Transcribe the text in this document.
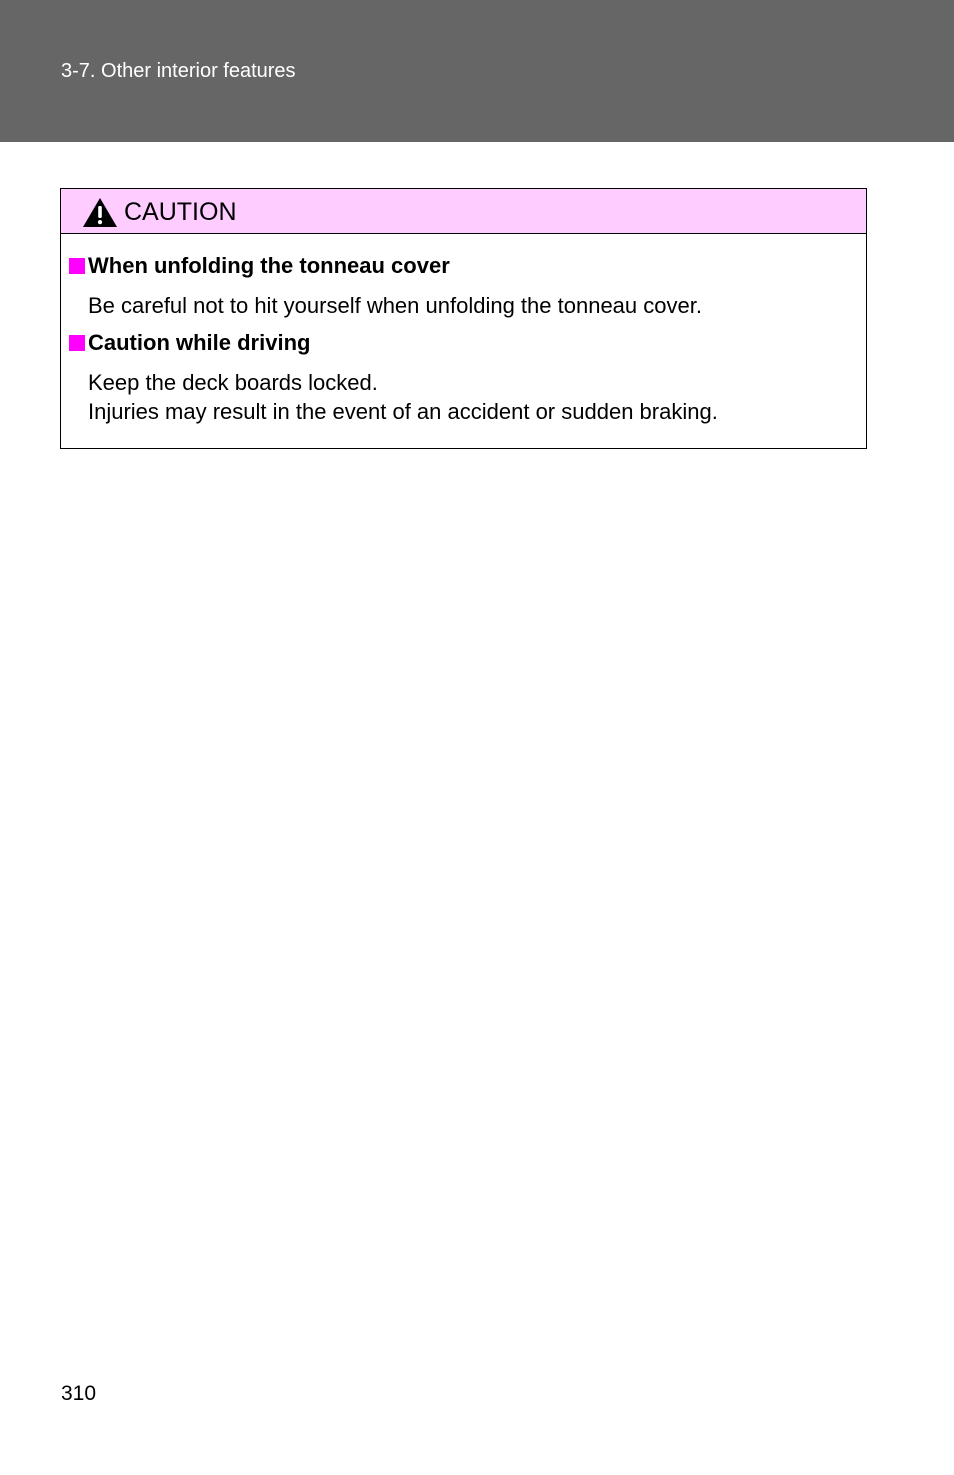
3-7. Other interior features
CAUTION
When unfolding the tonneau cover
Be careful not to hit yourself when unfolding the tonneau cover.
Caution while driving
Keep the deck boards locked.
Injuries may result in the event of an accident or sudden braking.
310
